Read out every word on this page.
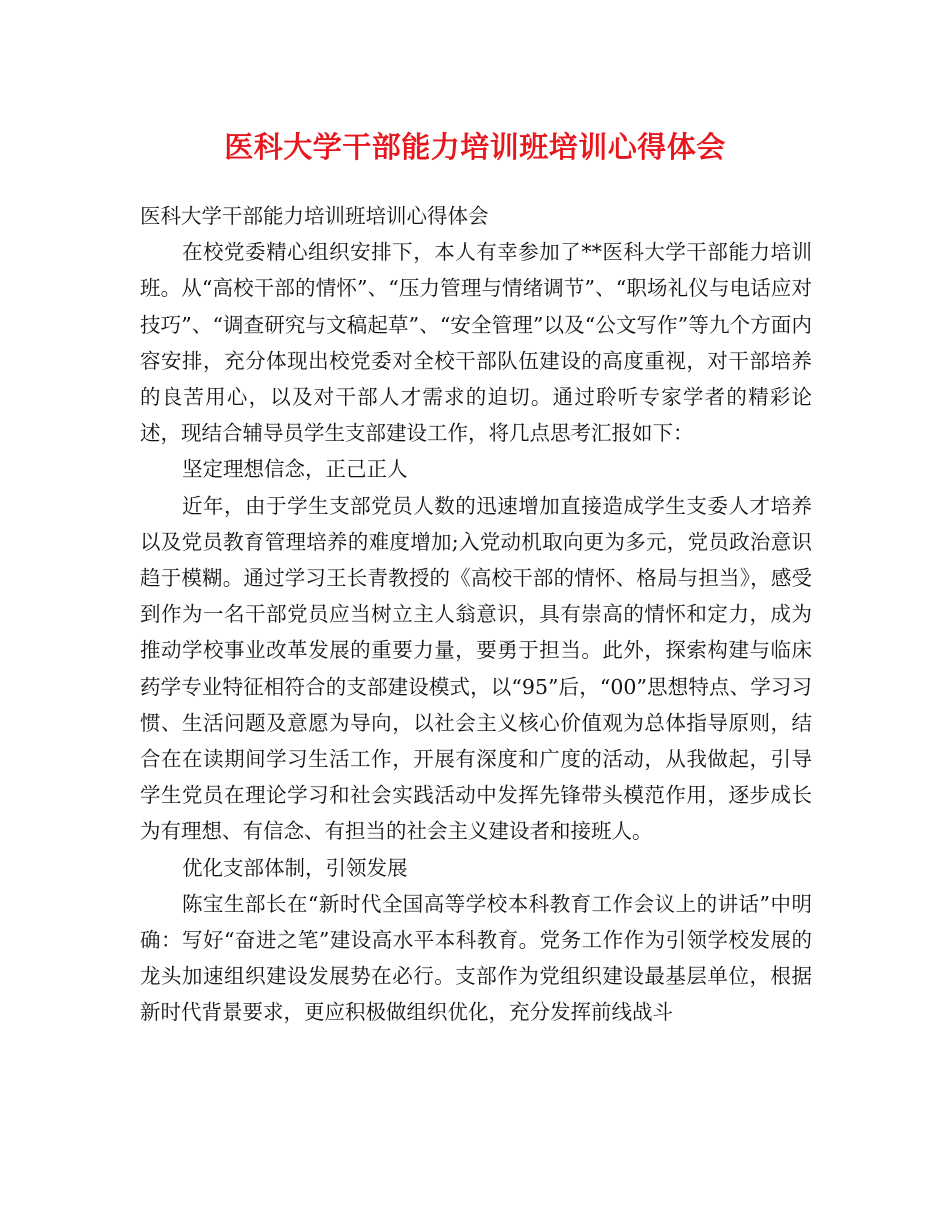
医科大学干部能力培训班培训心得体会

医科大学干部能力培训班培训心得体会

在校党委精心组织安排下，本人有幸参加了**医科大学干部能力培训班。从“高校干部的情怀”、“压力管理与情绪调节”、“职场礼仪与电话应对技巧”、“调查研究与文稿起草”、“安全管理”以及“公文写作”等九个方面内容安排，充分体现出校党委对全校干部队伍建设的高度重视，对干部培养的良苦用心，以及对干部人才需求的迫切。通过聆听专家学者的精彩论述，现结合辅导员学生支部建设工作，将几点思考汇报如下：

坚定理想信念，正己正人

近年，由于学生支部党员人数的迅速增加直接造成学生支委人才培养以及党员教育管理培养的难度增加;入党动机取向更为多元，党员政治意识趋于模糊。通过学习王长青教授的《高校干部的情怀、格局与担当》，感受到作为一名干部党员应当树立主人翁意识，具有崇高的情怀和定力，成为推动学校事业改革发展的重要力量，要勇于担当。此外，探索构建与临床药学专业特征相符合的支部建设模式，以“95”后，“00”思想特点、学习习惯、生活问题及意愿为导向，以社会主义核心价值观为总体指导原则，结合在在读期间学习生活工作，开展有深度和广度的活动，从我做起，引导学生党员在理论学习和社会实践活动中发挥先锋带头模范作用，逐步成长为有理想、有信念、有担当的社会主义建设者和接班人。

优化支部体制，引领发展

陈宝生部长在“新时代全国高等学校本科教育工作会议上的讲话”中明确：写好“奋进之笔”建设高水平本科教育。党务工作作为引领学校发展的龙头加速组织建设发展势在必行。支部作为党组织建设最基层单位，根据新时代背景要求，更应积极做组织优化，充分发挥前线战斗
